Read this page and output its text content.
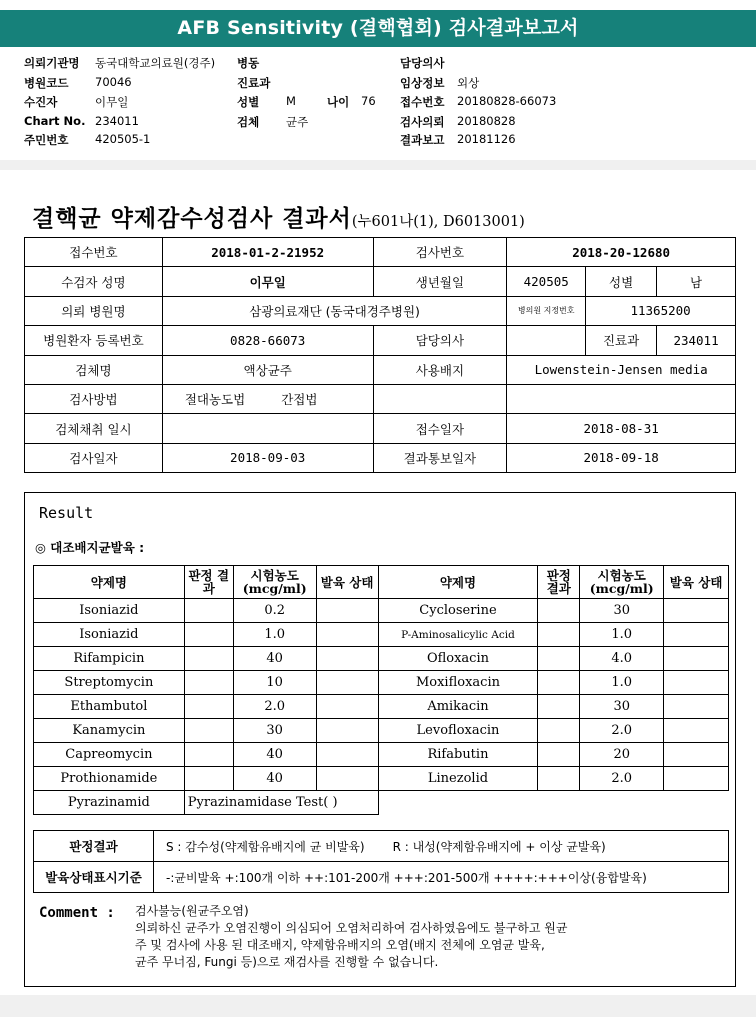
AFB Sensitivity (결핵협회) 검사결과보고서
의뢰기관명 동국대학교의료원(경주)
병원코드 70046
수진자	이무일
Chart No. 234011
주민번호 420505-1
병동
진료과
성별 M	나이 76
검체 균주
담당의사
임상정보 외상
접수번호 20180828-66073
검사의뢰 20180828
결과보고 20181126
결핵균 약제감수성검사 결과서(누601나(1), D6013001)
접수번호	2018-01-2-21952	검사번호	2018-20-12680		
수검자 성명	이무일	생년월일	420505	성별	남
의뢰 병원명	삼광의료재단 (동국대경주병원)		병의원 지정번호	11365200	
병원환자 등록번호	0828-66073	담당의사		진료과	234011
검체명	액상균주	사용배지	Lowenstein-Jensen media		
검사방법	절대농도법 간접법				
검체채취 일시		접수일자	2018-08-31		
검사일자	2018-09-03	결과통보일자	2018-09-18		
Result
◎ 대조배지균발육 :
약제명	판정 결과	시험농도 (mcg/ml)	발육 상태	약제명	판정 결과	시험농도 (mcg/ml)	발육 상태
Isoniazid		0.2		Cycloserine		30	
Isoniazid		1.0		P-Aminosalicylic Acid		1.0	
Rifampicin		40		Ofloxacin		4.0	
Streptomycin		10		Moxifloxacin		1.0	
Ethambutol		2.0		Amikacin		30	
Kanamycin		30		Levofloxacin		2.0	
Capreomycin		40		Rifabutin		20	
Prothionamide		40		Linezolid		2.0	
Pyrazinamid	Pyrazinamidase Test( )						
판정결과	S : 감수성(약제함유배지에 균 비발육) R : 내성(약제함유배지에 + 이상 균발육)
발육상태표시기준	-:균비발육 +:100개 이하 ++:101-200개 +++:201-500개 ++++:+++이상(융합발육)
Comment : 검사불능(원균주오염)
의뢰하신 균주가 오염진행이 의심되어 오염처리하여 검사하였음에도 불구하고 원균
주 및 검사에 사용 된 대조배지, 약제함유배지의 오염(배지 전체에 오염균 발육,
균주 무너짐, Fungi 등)으로 재검사를 진행할 수 없습니다.
